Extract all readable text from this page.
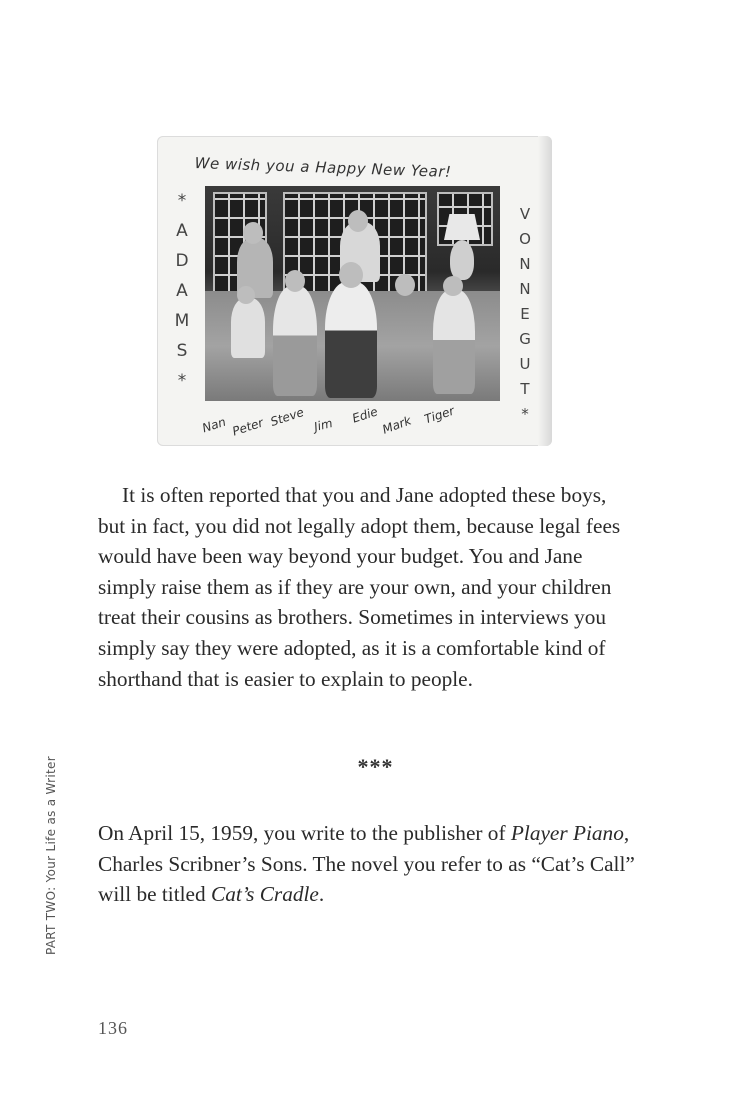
We wish you a Happy New Year!
*
A
D
A
M
S
*
V
O
N
N
E
G
U
T
*
Nan Peter Steve Jim Edie Mark Tiger

It is often reported that you and Jane adopted these boys, but in fact, you did not legally adopt them, because legal fees would have been way beyond your budget. You and Jane simply raise them as if they are your own, and your children treat their cousins as brothers. Sometimes in interviews you simply say they were adopted, as it is a comfortable kind of shorthand that is easier to explain to people.

***

On April 15, 1959, you write to the publisher of Player Piano, Charles Scribner’s Sons. The novel you refer to as “Cat’s Call” will be titled Cat’s Cradle.

PART TWO: Your Life as a Writer
136
